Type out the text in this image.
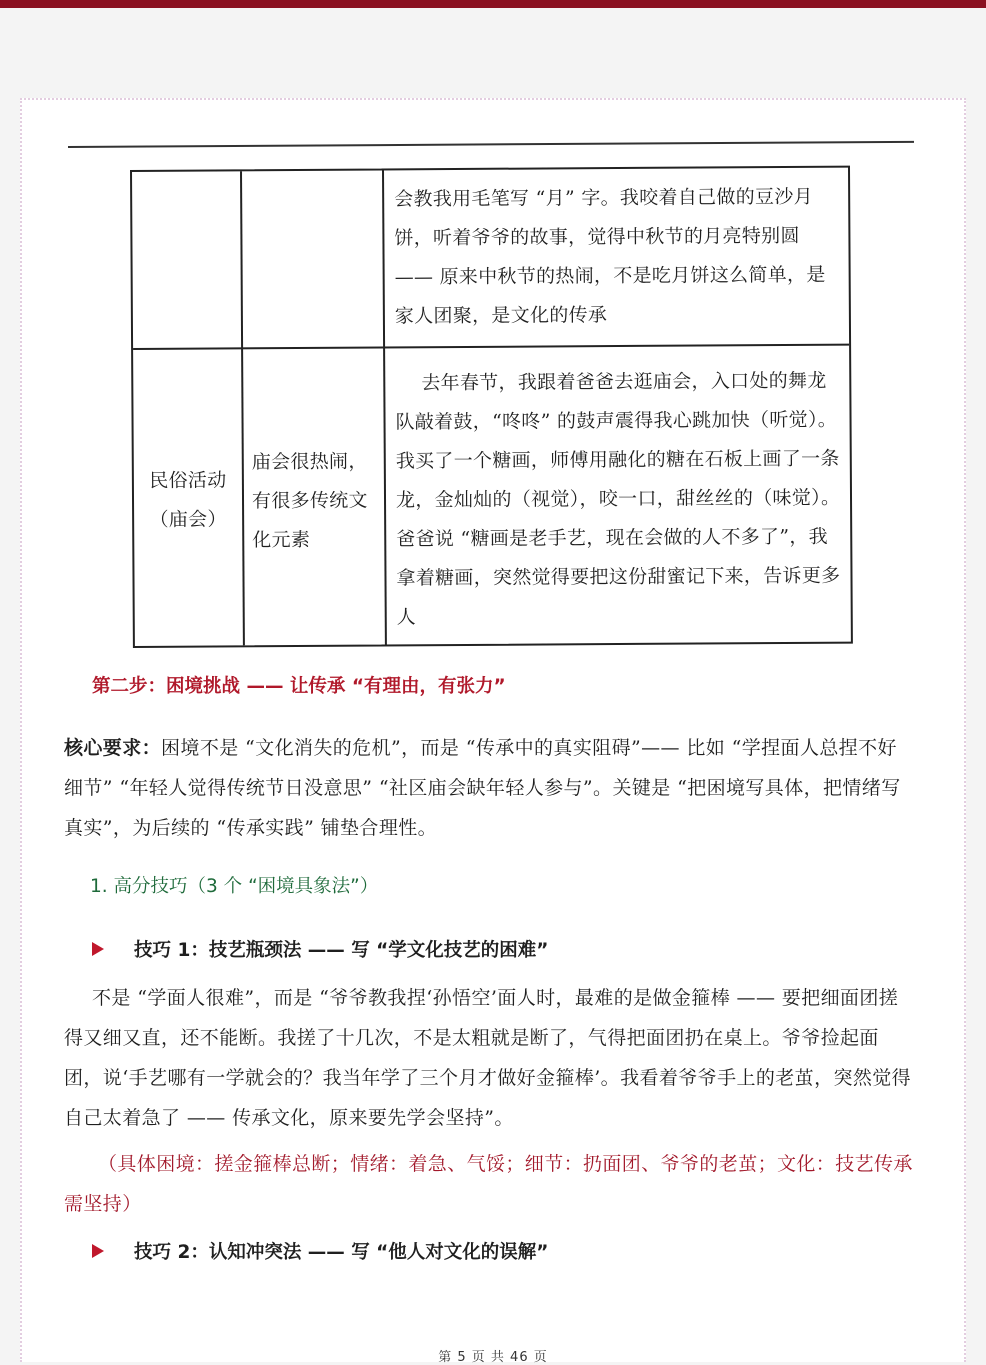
会教我用毛笔写 “月” 字。我咬着自己做的豆沙月饼，听着爷爷的故事，觉得中秋节的月亮特别圆 —— 原来中秋节的热闹，不是吃月饼这么简单，是家人团聚，是文化的传承
民俗活动（庙会）
庙会很热闹，有很多传统文化元素
去年春节，我跟着爸爸去逛庙会，入口处的舞龙队敲着鼓，“咚咚” 的鼓声震得我心跳加快（听觉）。我买了一个糖画，师傅用融化的糖在石板上画了一条龙，金灿灿的（视觉），咬一口，甜丝丝的（味觉）。爸爸说 “糖画是老手艺，现在会做的人不多了”，我拿着糖画，突然觉得要把这份甜蜜记下来，告诉更多人
第二步：困境挑战 —— 让传承 “有理由，有张力”
核心要求：困境不是 “文化消失的危机”，而是 “传承中的真实阻碍”—— 比如 “学捏面人总捏不好细节” “年轻人觉得传统节日没意思” “社区庙会缺年轻人参与”。关键是 “把困境写具体，把情绪写真实”，为后续的 “传承实践” 铺垫合理性。
1. 高分技巧（3 个 “困境具象法”）
技巧 1：技艺瓶颈法 —— 写 “学文化技艺的困难”
不是 “学面人很难”，而是 “爷爷教我捏‘孙悟空’面人时，最难的是做金箍棒 —— 要把细面团搓得又细又直，还不能断。我搓了十几次，不是太粗就是断了，气得把面团扔在桌上。爷爷捡起面团，说‘手艺哪有一学就会的？我当年学了三个月才做好金箍棒’。我看着爷爷手上的老茧，突然觉得自己太着急了 —— 传承文化，原来要先学会坚持”。
（具体困境：搓金箍棒总断；情绪：着急、气馁；细节：扔面团、爷爷的老茧；文化：技艺传承需坚持）
技巧 2：认知冲突法 —— 写 “他人对文化的误解”
第 5 页 共 46 页
